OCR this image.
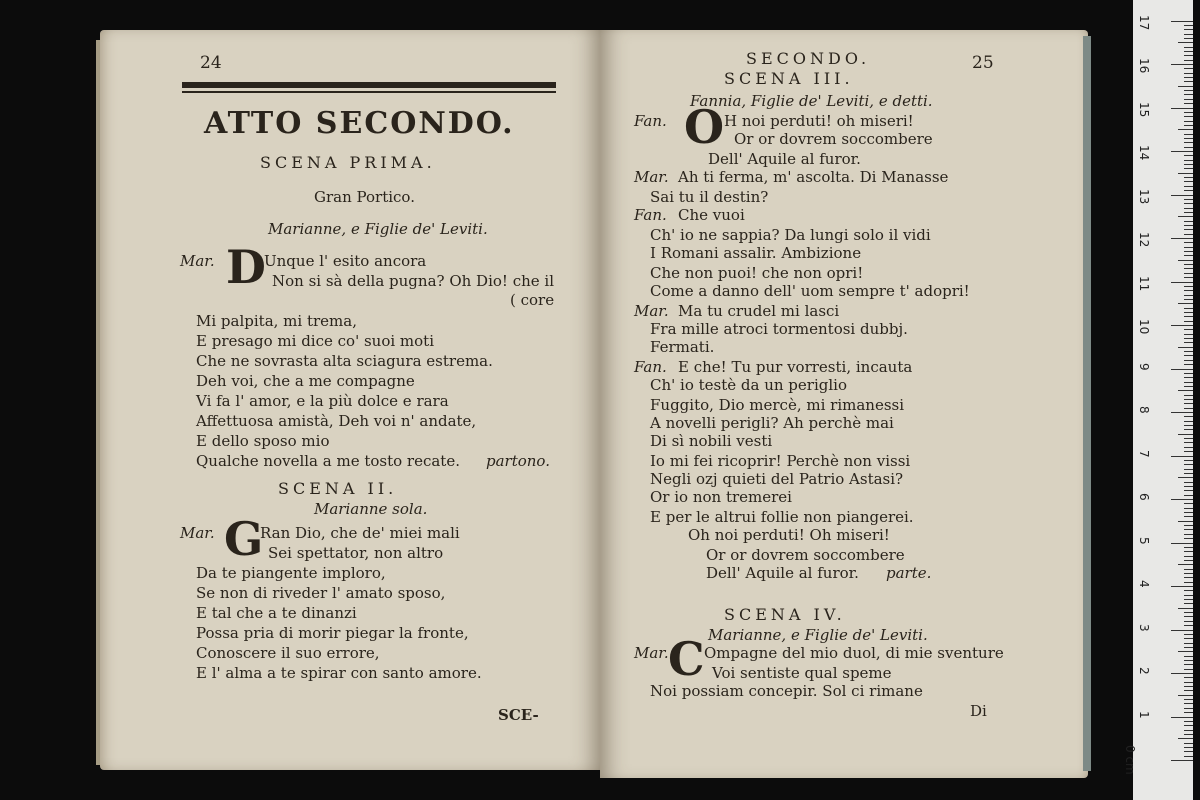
24
ATTO SECONDO.
SCENA PRIMA.
Gran Portico.
Marianne, e Figlie de' Leviti.
Mar. D
Unque l' esito ancora
Non si sà della pugna? Oh Dio! che il
( core
Mi palpita, mi trema,
E presago mi dice co' suoi moti
Che ne sovrasta alta sciagura estrema.
Deh voi, che a me compagne
Vi fa l' amor, e la più dolce e rara
Affettuosa amistà, Deh voi n' andate,
E dello sposo mio
Qualche novella a me tosto recate. partono.
SCENA II.
Marianne sola.
Mar. G
Ran Dio, che de' miei mali
Sei spettator, non altro
Da te piangente imploro,
Se non di riveder l' amato sposo,
E tal che a te dinanzi
Possa pria di morir piegar la fronte,
Conoscere il suo errore,
E l' alma a te spirar con santo amore.
SCE-
SECONDO.	25
SCENA III.
Fannia, Figlie de' Leviti, e detti.
Fan. O H noi perduti! oh miseri!
Or or dovrem soccombere
Dell' Aquile al furor.
Mar. Ah ti ferma, m' ascolta. Di Manasse
Sai tu il destin?
Fan. Che vuoi
Ch' io ne sappia? Da lungi solo il vidi
I Romani assalir. Ambizione
Che non puoi! che non opri!
Come a danno dell' uom sempre t' adopri!
Mar. Ma tu crudel mi lasci
Fra mille atroci tormentosi dubbj.
Fermati.
Fan. E che! Tu pur vorresti, incauta
Ch' io testè da un periglio
Fuggito, Dio mercè, mi rimanessi
A novelli perigli? Ah perchè mai
Di sì nobili vesti
Io mi fei ricoprir! Perchè non vissi
Negli ozj quieti del Patrio Astasi?
Or io non tremerei
E per le altrui follie non piangerei.
Oh noi perduti! Oh miseri!
Or or dovrem soccombere
Dell' Aquile al furor. parte.
SCENA IV.
Marianne, e Figlie de' Leviti.
Mar. C Ompagne del mio duol, di mie sventure
Voi sentiste qual speme
Noi possiam concepir. Sol ci rimane
Di
0 cm
1
2
3
4
5
6
7
8
9
10
11
12
13
14
15
16
17
